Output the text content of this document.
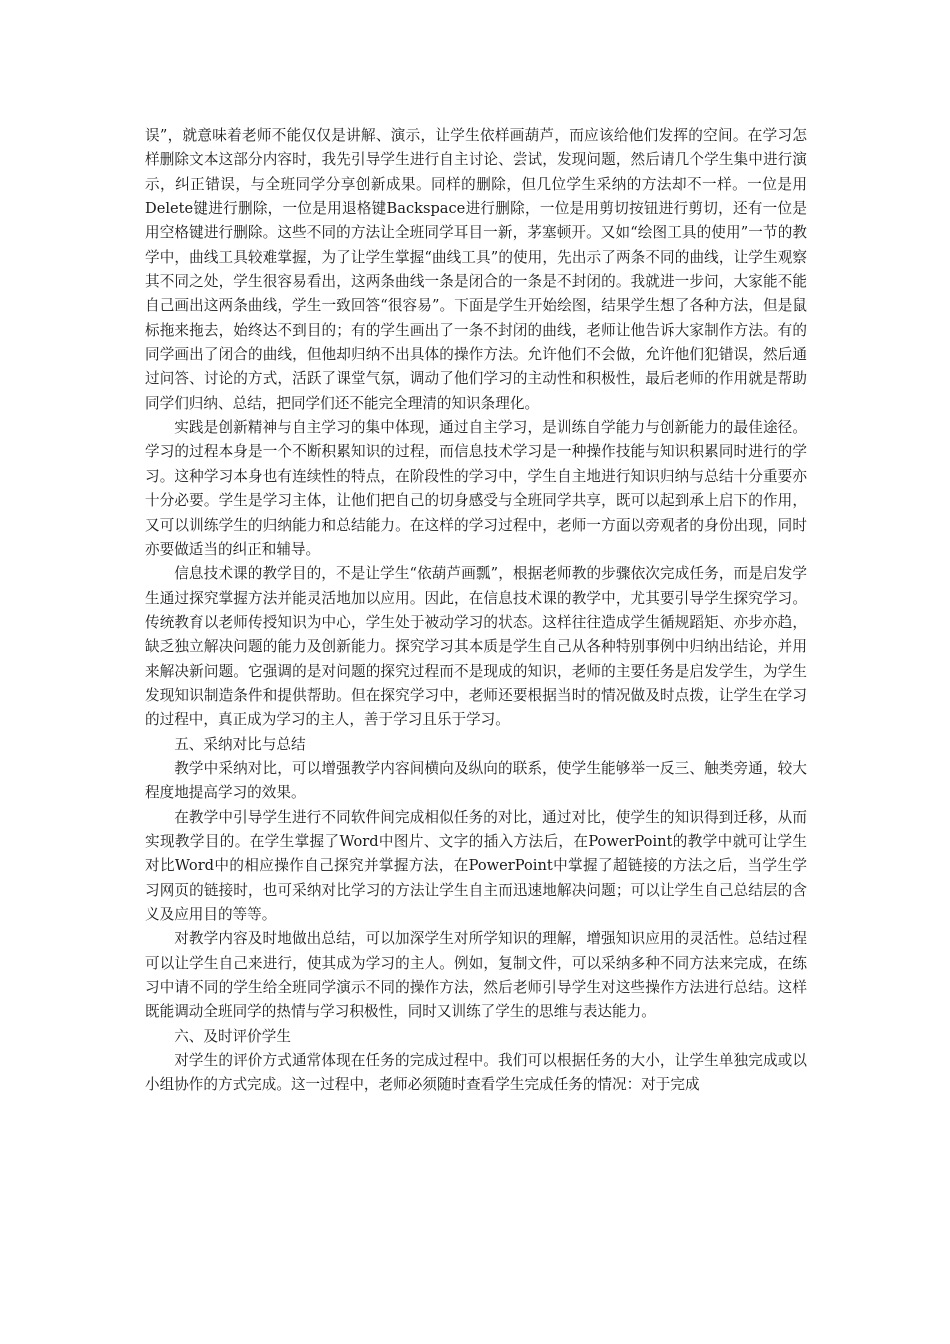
误”，就意味着老师不能仅仅是讲解、演示，让学生依样画葫芦，而应该给他们发挥的空间。在学习怎样删除文本这部分内容时，我先引导学生进行自主讨论、尝试，发现问题，然后请几个学生集中进行演示，纠正错误，与全班同学分享创新成果。同样的删除，但几位学生采纳的方法却不一样。一位是用Delete键进行删除，一位是用退格键Backspace进行删除，一位是用剪切按钮进行剪切，还有一位是用空格键进行删除。这些不同的方法让全班同学耳目一新，茅塞顿开。又如“绘图工具的使用”一节的教学中，曲线工具较难掌握，为了让学生掌握“曲线工具”的使用，先出示了两条不同的曲线，让学生观察其不同之处，学生很容易看出，这两条曲线一条是闭合的一条是不封闭的。我就进一步问，大家能不能自己画出这两条曲线，学生一致回答“很容易”。下面是学生开始绘图，结果学生想了各种方法，但是鼠标拖来拖去，始终达不到目的；有的学生画出了一条不封闭的曲线，老师让他告诉大家制作方法。有的同学画出了闭合的曲线，但他却归纳不出具体的操作方法。允许他们不会做，允许他们犯错误，然后通过问答、讨论的方式，活跃了课堂气氛，调动了他们学习的主动性和积极性，最后老师的作用就是帮助同学们归纳、总结，把同学们还不能完全理清的知识条理化。

实践是创新精神与自主学习的集中体现，通过自主学习，是训练自学能力与创新能力的最佳途径。学习的过程本身是一个不断积累知识的过程，而信息技术学习是一种操作技能与知识积累同时进行的学习。这种学习本身也有连续性的特点，在阶段性的学习中，学生自主地进行知识归纳与总结十分重要亦十分必要。学生是学习主体，让他们把自己的切身感受与全班同学共享，既可以起到承上启下的作用，又可以训练学生的归纳能力和总结能力。在这样的学习过程中，老师一方面以旁观者的身份出现，同时亦要做适当的纠正和辅导。

信息技术课的教学目的，不是让学生“依葫芦画瓢”，根据老师教的步骤依次完成任务，而是启发学生通过探究掌握方法并能灵活地加以应用。因此，在信息技术课的教学中，尤其要引导学生探究学习。传统教育以老师传授知识为中心，学生处于被动学习的状态。这样往往造成学生循规蹈矩、亦步亦趋，缺乏独立解决问题的能力及创新能力。探究学习其本质是学生自己从各种特别事例中归纳出结论，并用来解决新问题。它强调的是对问题的探究过程而不是现成的知识，老师的主要任务是启发学生，为学生发现知识制造条件和提供帮助。但在探究学习中，老师还要根据当时的情况做及时点拨，让学生在学习的过程中，真正成为学习的主人，善于学习且乐于学习。

五、采纳对比与总结

教学中采纳对比，可以增强教学内容间横向及纵向的联系，使学生能够举一反三、触类旁通，较大程度地提高学习的效果。

在教学中引导学生进行不同软件间完成相似任务的对比，通过对比，使学生的知识得到迁移，从而实现教学目的。在学生掌握了Word中图片、文字的插入方法后，在PowerPoint的教学中就可让学生对比Word中的相应操作自己探究并掌握方法，在PowerPoint中掌握了超链接的方法之后，当学生学习网页的链接时，也可采纳对比学习的方法让学生自主而迅速地解决问题；可以让学生自己总结层的含义及应用目的等等。

对教学内容及时地做出总结，可以加深学生对所学知识的理解，增强知识应用的灵活性。总结过程可以让学生自己来进行，使其成为学习的主人。例如，复制文件，可以采纳多种不同方法来完成，在练习中请不同的学生给全班同学演示不同的操作方法，然后老师引导学生对这些操作方法进行总结。这样既能调动全班同学的热情与学习积极性，同时又训练了学生的思维与表达能力。

六、及时评价学生

对学生的评价方式通常体现在任务的完成过程中。我们可以根据任务的大小，让学生单独完成或以小组协作的方式完成。这一过程中，老师必须随时查看学生完成任务的情况：对于完成
